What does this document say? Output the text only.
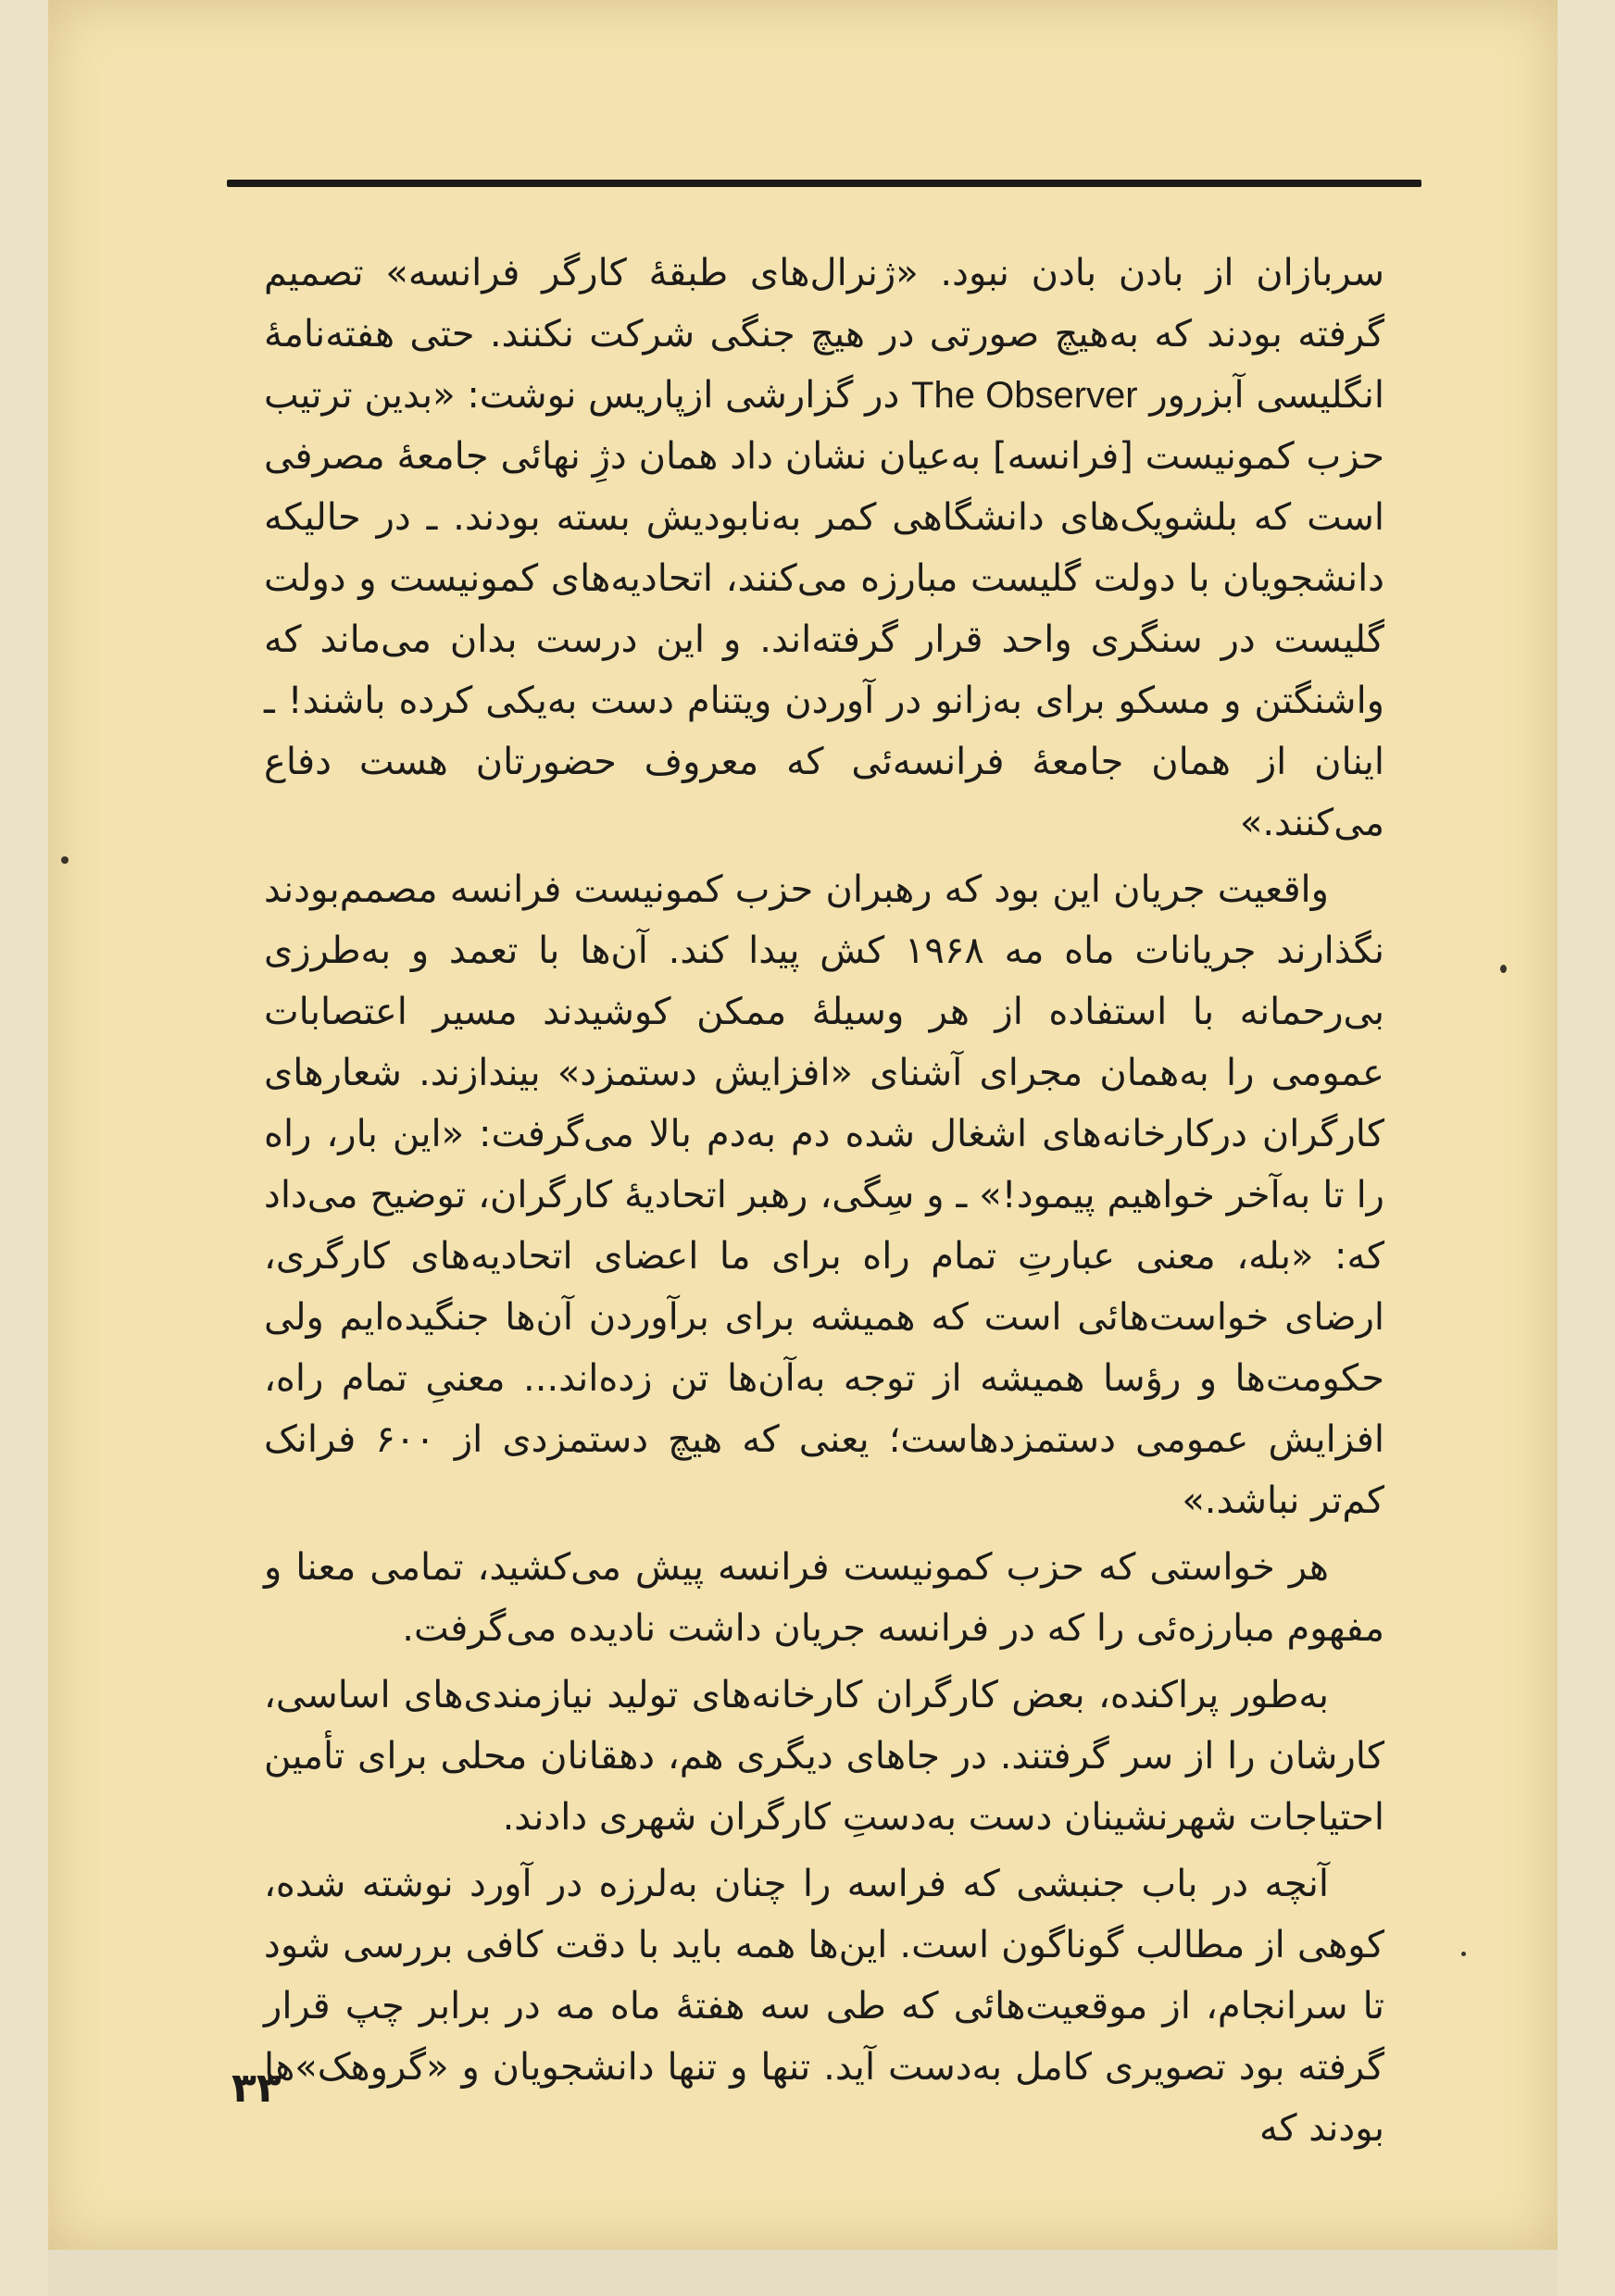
سربازان از بادن بادن نبود. «ژنرال‌های طبقهٔ کارگر فرانسه» تصمیم گرفته بودند که به‌هیچ صورتی در هیچ جنگی شرکت نکنند. حتی هفته‌نامهٔ انگلیسی آبزرور The Observer در گزارشی ازپاریس نوشت: «بدین ترتیب حزب کمونیست [فرانسه] به‌عیان نشان داد همان دژِ نهائی جامعهٔ مصرفی است که بلشویک‌های دانشگاهی کمر به‌نابودیش بسته بودند. ـ در حالیکه دانشجویان با دولت گلیست مبارزه می‌کنند، اتحادیه‌های کمونیست و دولت گلیست در سنگری واحد قرار گرفته‌اند. و این درست بدان می‌ماند که واشنگتن و مسکو برای به‌زانو در آوردن ویتنام دست به‌یکی کرده باشند! ـ اینان از همان جامعهٔ فرانسه‌ئی که معروف حضورتان هست دفاع می‌کنند.»

واقعیت جریان این بود که رهبران حزب کمونیست فرانسه مصمم‌بودند نگذارند جریانات ماه مه ۱۹۶۸ کش پیدا کند. آن‌ها با تعمد و به‌طرزی بی‌رحمانه با استفاده از هر وسیلهٔ ممکن کوشیدند مسیر اعتصابات عمومی را به‌همان مجرای آشنای «افزایش دستمزد» بیندازند. شعارهای کارگران درکارخانه‌های اشغال شده دم به‌دم بالا می‌گرفت: «این بار، راه را تا به‌آخر خواهیم پیمود!» ـ و سِگی، رهبر اتحادیهٔ کارگران، توضیح می‌داد که: «بله، معنی عبارتِ تمام راه برای ما اعضای اتحادیه‌های کارگری، ارضای خواست‌هائی است که همیشه برای برآوردن آن‌ها جنگیده‌ایم ولی حکومت‌ها و رؤسا همیشه از توجه به‌آن‌ها تن زده‌اند... معنیِ تمام راه، افزایش عمومی دستمزدهاست؛ یعنی که هیچ دستمزدی از ۶۰۰ فرانک کم‌تر نباشد.»

هر خواستی که حزب کمونیست فرانسه پیش می‌کشید، تمامی معنا و مفهوم مبارزه‌ئی را که در فرانسه جریان داشت نادیده می‌گرفت.

به‌طور پراکنده، بعض کارگران کارخانه‌های تولید نیازمندی‌های اساسی، کارشان را از سر گرفتند. در جاهای دیگری هم، دهقانان محلی برای تأمین احتیاجات شهرنشینان دست به‌دستِ کارگران شهری دادند.

آنچه در باب جنبشی که فراسه را چنان به‌لرزه در آورد نوشته شده، کوهی از مطالب گوناگون است. این‌ها همه باید با دقت کافی بررسی شود تا سرانجام، از موقعیت‌هائی که طی سه هفتهٔ ماه مه در برابر چپ قرار گرفته بود تصویری کامل به‌دست آید. تنها و تنها دانشجویان و «گروهک»ها بودند که

۳۳
